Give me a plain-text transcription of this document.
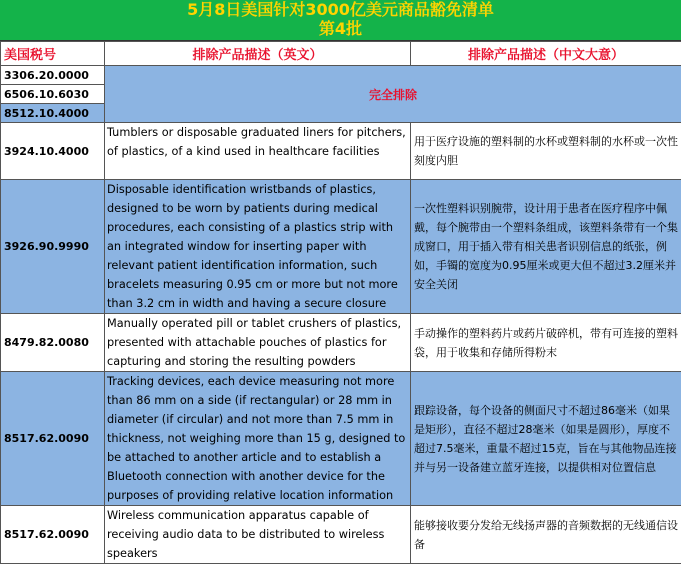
5月8日美国针对3000亿美元商品豁免清单
第4批
美国税号	排除产品描述（英文）	排除产品描述（中文大意）
3306.20.0000	完全排除	
6506.10.6030		
8512.10.4000		
3924.10.4000	Tumblers or disposable graduated liners for pitchers, of plastics, of a kind used in healthcare facilities	用于医疗设施的塑料制的水杯或塑料制的水杯或一次性刻度内胆
3926.90.9990	Disposable identification wristbands of plastics, designed to be worn by patients during medical procedures, each consisting of a plastics strip with an integrated window for inserting paper with relevant patient identification information, such bracelets measuring 0.95 cm or more but not more than 3.2 cm in width and having a secure closure	一次性塑料识别腕带，设计用于患者在医疗程序中佩戴，每个腕带由一个塑料条组成，该塑料条带有一个集成窗口，用于插入带有相关患者识别信息的纸张，例如，手镯的宽度为0.95厘米或更大但不超过3.2厘米并安全关闭
8479.82.0080	Manually operated pill or tablet crushers of plastics, presented with attachable pouches of plastics for capturing and storing the resulting powders	手动操作的塑料药片或药片破碎机，带有可连接的塑料袋，用于收集和存储所得粉末
8517.62.0090	Tracking devices, each device measuring not more than 86 mm on a side (if rectangular) or 28 mm in diameter (if circular) and not more than 7.5 mm in thickness, not weighing more than 15 g, designed to be attached to another article and to establish a Bluetooth connection with another device for the purposes of providing relative location information	跟踪设备，每个设备的侧面尺寸不超过86毫米（如果是矩形），直径不超过28毫米（如果是圆形），厚度不超过7.5毫米，重量不超过15克，旨在与其他物品连接并与另一设备建立蓝牙连接，以提供相对位置信息
8517.62.0090	Wireless communication apparatus capable of receiving audio data to be distributed to wireless speakers	能够接收要分发给无线扬声器的音频数据的无线通信设备
